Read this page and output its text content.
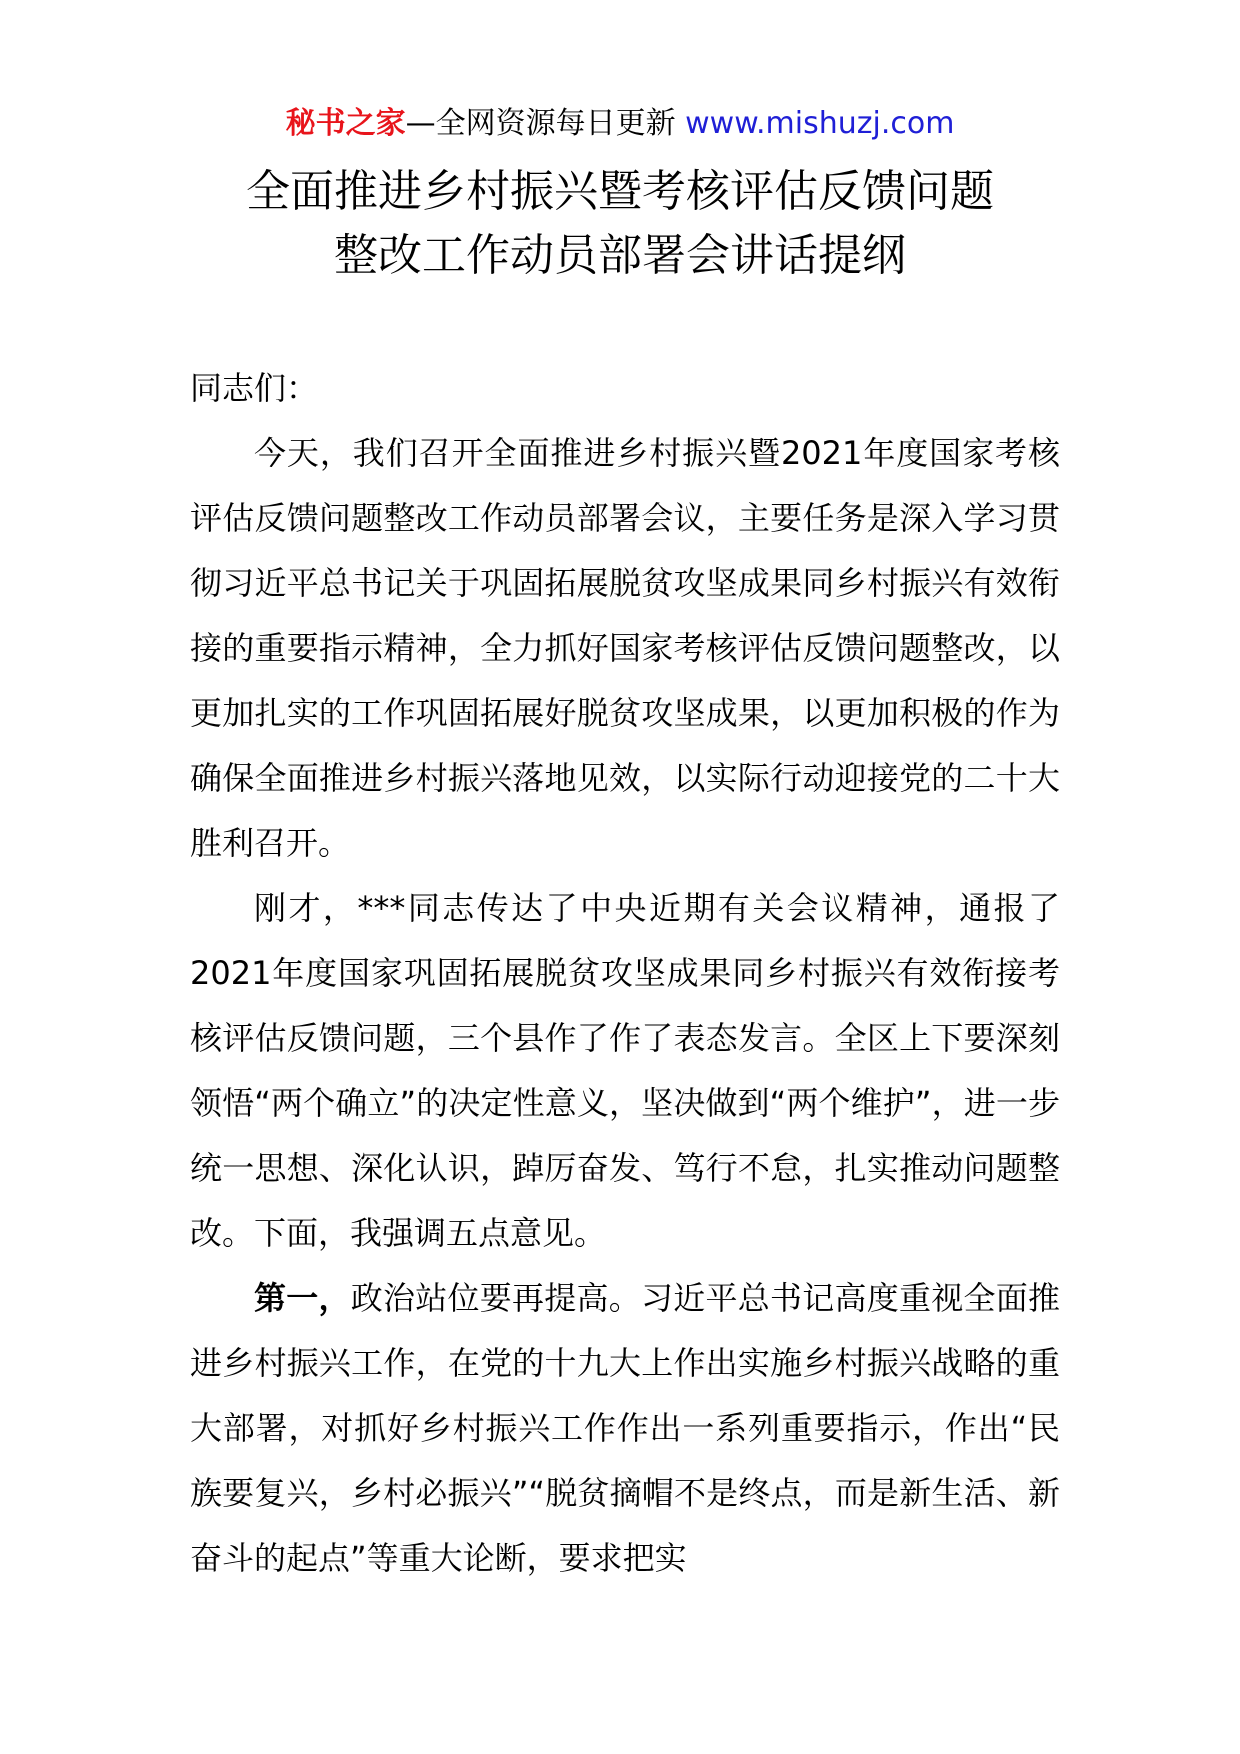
秘书之家—全网资源每日更新 www.mishuzj.com
全面推进乡村振兴暨考核评估反馈问题
整改工作动员部署会讲话提纲

同志们：

今天，我们召开全面推进乡村振兴暨2021年度国家考核评估反馈问题整改工作动员部署会议，主要任务是深入学习贯彻习近平总书记关于巩固拓展脱贫攻坚成果同乡村振兴有效衔接的重要指示精神，全力抓好国家考核评估反馈问题整改，以更加扎实的工作巩固拓展好脱贫攻坚成果，以更加积极的作为确保全面推进乡村振兴落地见效，以实际行动迎接党的二十大胜利召开。

刚才，***同志传达了中央近期有关会议精神，通报了2021年度国家巩固拓展脱贫攻坚成果同乡村振兴有效衔接考核评估反馈问题，三个县作了作了表态发言。全区上下要深刻领悟“两个确立”的决定性意义，坚决做到“两个维护”，进一步统一思想、深化认识，踔厉奋发、笃行不怠，扎实推动问题整改。下面，我强调五点意见。

第一，政治站位要再提高。习近平总书记高度重视全面推进乡村振兴工作，在党的十九大上作出实施乡村振兴战略的重大部署，对抓好乡村振兴工作作出一系列重要指示，作出“民族要复兴，乡村必振兴”“脱贫摘帽不是终点，而是新生活、新奋斗的起点”等重大论断，要求把实
